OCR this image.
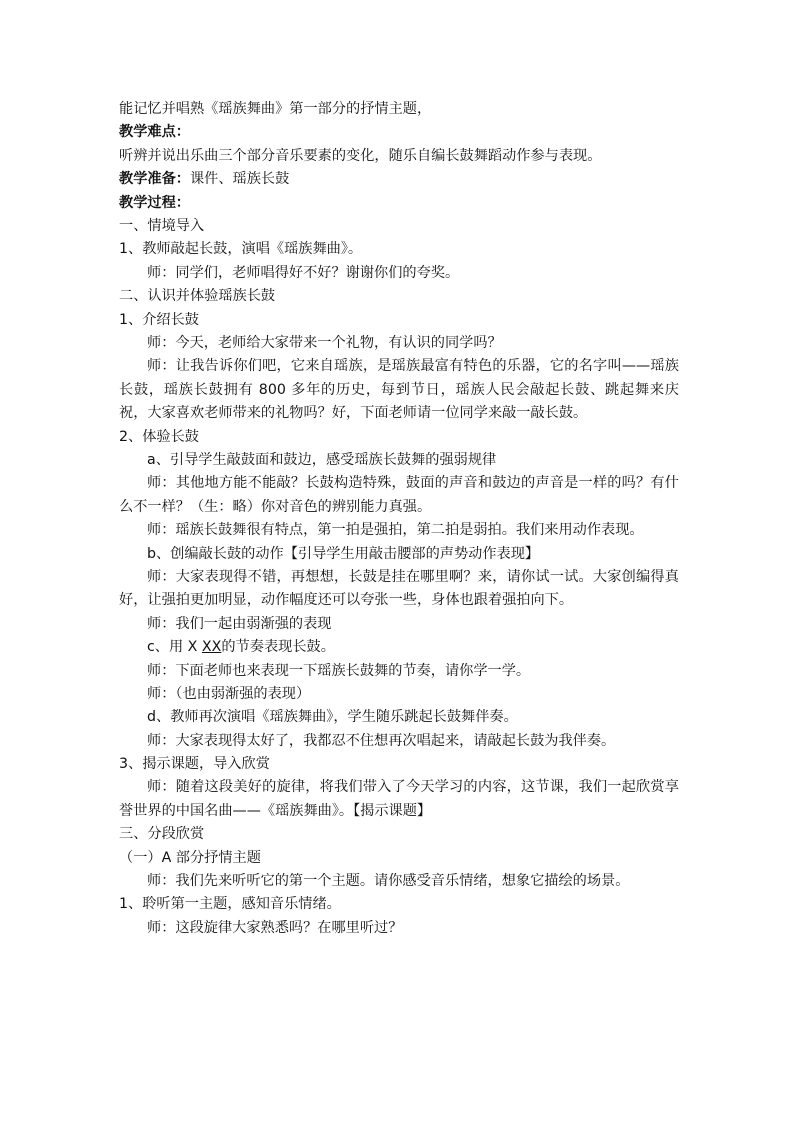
能记忆并唱熟《瑶族舞曲》第一部分的抒情主题，
教学难点：
听辨并说出乐曲三个部分音乐要素的变化，随乐自编长鼓舞蹈动作参与表现。
教学准备：课件、瑶族长鼓
教学过程：
一、情境导入
1、教师敲起长鼓，演唱《瑶族舞曲》。
师：同学们，老师唱得好不好？谢谢你们的夸奖。
二、认识并体验瑶族长鼓
1、介绍长鼓
师：今天，老师给大家带来一个礼物，有认识的同学吗？
师：让我告诉你们吧，它来自瑶族，是瑶族最富有特色的乐器，它的名字叫——瑶族长鼓，瑶族长鼓拥有 800 多年的历史，每到节日，瑶族人民会敲起长鼓、跳起舞来庆祝，大家喜欢老师带来的礼物吗？好，下面老师请一位同学来敲一敲长鼓。
2、体验长鼓
a、引导学生敲鼓面和鼓边，感受瑶族长鼓舞的强弱规律
师：其他地方能不能敲？长鼓构造特殊，鼓面的声音和鼓边的声音是一样的吗？有什么不一样？（生：略）你对音色的辨别能力真强。
师：瑶族长鼓舞很有特点，第一拍是强拍，第二拍是弱拍。我们来用动作表现。
b、创编敲长鼓的动作【引导学生用敲击腰部的声势动作表现】
师：大家表现得不错，再想想，长鼓是挂在哪里啊？来，请你试一试。大家创编得真好，让强拍更加明显，动作幅度还可以夸张一些，身体也跟着强拍向下。
师：我们一起由弱渐强的表现
c、用 X XX的节奏表现长鼓。
师：下面老师也来表现一下瑶族长鼓舞的节奏，请你学一学。
师：（也由弱渐强的表现）
d、教师再次演唱《瑶族舞曲》，学生随乐跳起长鼓舞伴奏。
师：大家表现得太好了，我都忍不住想再次唱起来，请敲起长鼓为我伴奏。
3、揭示课题，导入欣赏
师：随着这段美好的旋律，将我们带入了今天学习的内容，这节课，我们一起欣赏享誉世界的中国名曲——《瑶族舞曲》。【揭示课题】
三、分段欣赏
（一）A 部分抒情主题
师：我们先来听听它的第一个主题。请你感受音乐情绪，想象它描绘的场景。
1、聆听第一主题，感知音乐情绪。
师：这段旋律大家熟悉吗？在哪里听过？
